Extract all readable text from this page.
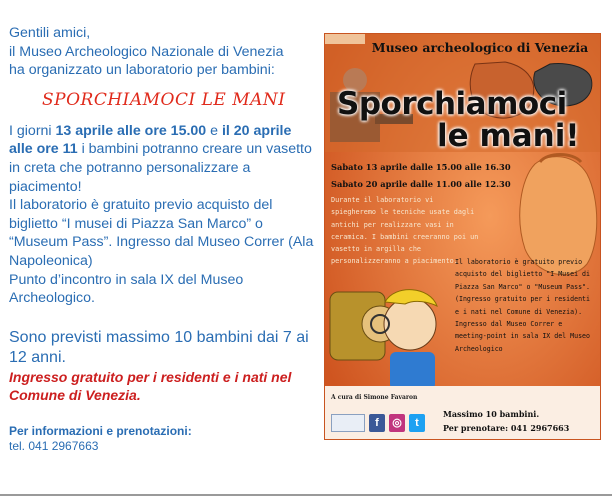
Gentili amici,

il Museo Archeologico Nazionale di Venezia

ha organizzato un laboratorio per bambini:

SPORCHIAMOCI LE MANI

I giorni 13 aprile alle ore 15.00 e il 20 aprile alle ore 11 i bambini potranno creare un vasetto in creta che potranno personalizzare a piacimento!

Il laboratorio è gratuito previo acquisto del biglietto “I musei di Piazza San Marco” o “Museum Pass”. Ingresso dal Museo Correr (Ala Napoleonica)

Punto d’incontro in sala IX del Museo Archeologico.

Sono previsti massimo 10 bambini dai 7 ai 12 anni.

Ingresso gratuito per i residenti e i nati nel Comune di Venezia.

Per informazioni e prenotazioni:

tel. 041 2967663

Museo archeologico di Venezia
Sporchiamoci
le mani!
Sabato 13 aprile dalle 15.00 alle 16.30
Sabato 20 aprile dalle 11.00 alle 12.30
Durante il laboratorio vi spiegheremo le tecniche usate dagli antichi per realizzare vasi in ceramica. I bambini creeranno poi un vasetto in argilla che personalizzeranno a piacimento.
Il laboratorio è gratuito previo acquisto del biglietto "I Musei di Piazza San Marco" o "Museum Pass". (Ingresso gratuito per i residenti e i nati nel Comune di Venezia). Ingresso dal Museo Correr e meeting-point in sala IX del Museo Archeologico
A cura di Simone Favaron
f	◎	t
Massimo 10 bambini.
Per prenotare: 041 2967663
